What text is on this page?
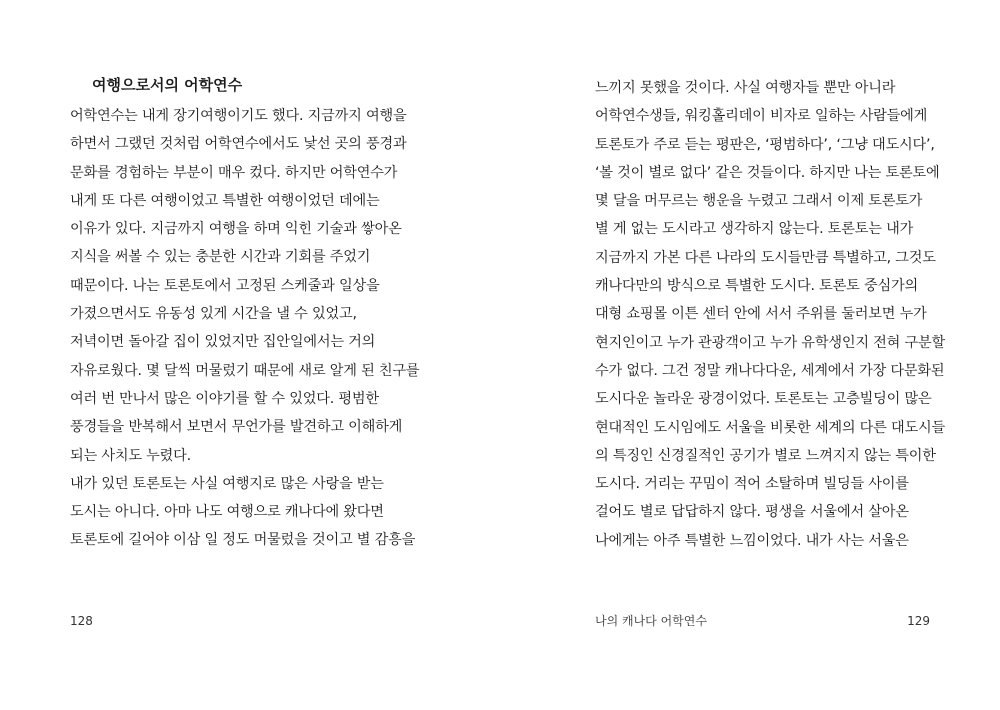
여행으로서의 어학연수
어학연수는 내게 장기여행이기도 했다. 지금까지 여행을
하면서 그랬던 것처럼 어학연수에서도 낯선 곳의 풍경과
문화를 경험하는 부분이 매우 컸다. 하지만 어학연수가
내게 또 다른 여행이었고 특별한 여행이었던 데에는
이유가 있다. 지금까지 여행을 하며 익힌 기술과 쌓아온
지식을 써볼 수 있는 충분한 시간과 기회를 주었기
때문이다. 나는 토론토에서 고정된 스케줄과 일상을
가졌으면서도 유동성 있게 시간을 낼 수 있었고,
저녁이면 돌아갈 집이 있었지만 집안일에서는 거의
자유로웠다. 몇 달씩 머물렀기 때문에 새로 알게 된 친구를
여러 번 만나서 많은 이야기를 할 수 있었다. 평범한
풍경들을 반복해서 보면서 무언가를 발견하고 이해하게
되는 사치도 누렸다.
내가 있던 토론토는 사실 여행지로 많은 사랑을 받는
도시는 아니다. 아마 나도 여행으로 캐나다에 왔다면
토론토에 길어야 이삼 일 정도 머물렀을 것이고 별 감흥을
128
느끼지 못했을 것이다. 사실 여행자들 뿐만 아니라
어학연수생들, 워킹홀리데이 비자로 일하는 사람들에게
토론토가 주로 듣는 평판은, ‘평범하다’, ‘그냥 대도시다’,
‘볼 것이 별로 없다’ 같은 것들이다. 하지만 나는 토론토에
몇 달을 머무르는 행운을 누렸고 그래서 이제 토론토가
별 게 없는 도시라고 생각하지 않는다. 토론토는 내가
지금까지 가본 다른 나라의 도시들만큼 특별하고, 그것도
캐나다만의 방식으로 특별한 도시다. 토론토 중심가의
대형 쇼핑몰 이튼 센터 안에 서서 주위를 둘러보면 누가
현지인이고 누가 관광객이고 누가 유학생인지 전혀 구분할
수가 없다. 그건 정말 캐나다다운, 세계에서 가장 다문화된
도시다운 놀라운 광경이었다. 토론토는 고층빌딩이 많은
현대적인 도시임에도 서울을 비롯한 세계의 다른 대도시들
의 특징인 신경질적인 공기가 별로 느껴지지 않는 특이한
도시다. 거리는 꾸밈이 적어 소탈하며 빌딩들 사이를
걸어도 별로 답답하지 않다. 평생을 서울에서 살아온
나에게는 아주 특별한 느낌이었다. 내가 사는 서울은
나의 캐나다 어학연수	129
